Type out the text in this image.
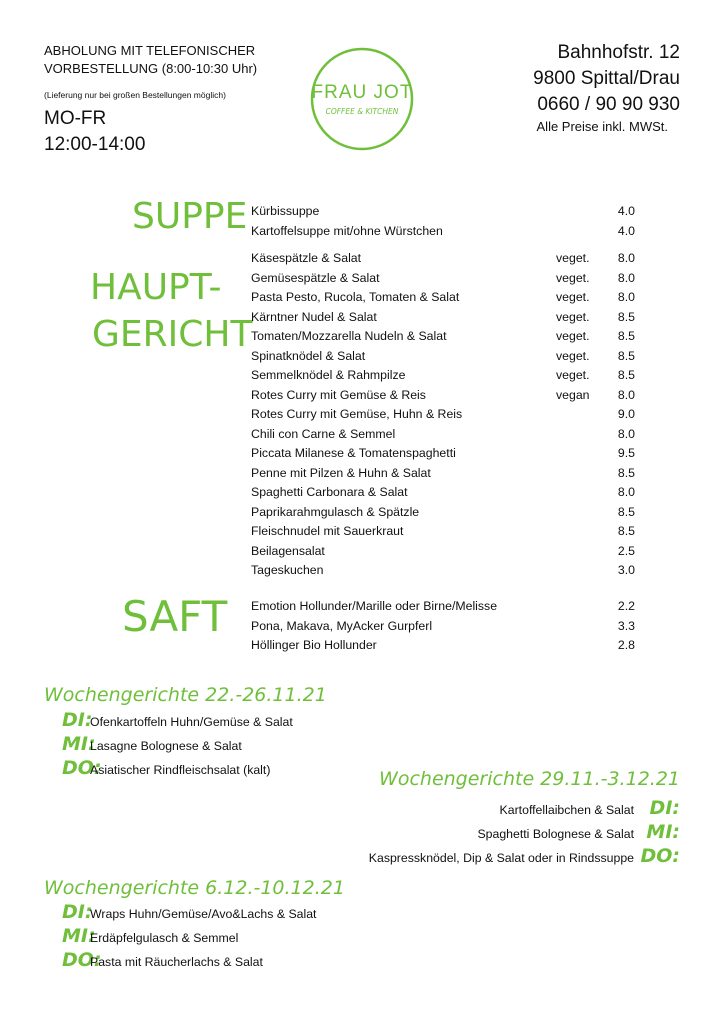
ABHOLUNG MIT TELEFONISCHER
VORBESTELLUNG (8:00-10:30 Uhr)
(Lieferung nur bei großen Bestellungen möglich)
MO-FR
12:00-14:00
FRAU JOT
COFFEE & KITCHEN
Bahnhofstr. 12
9800 Spittal/Drau
0660 / 90 90 930
Alle Preise inkl. MWSt.
SUPPE
HAUPT-
GERICHT
SAFT
Kürbissuppe	4.0
Kartoffelsuppe mit/ohne Würstchen	4.0
Käsespätzle & Salat	veget. 8.0
Gemüsespätzle & Salat	veget. 8.0
Pasta Pesto, Rucola, Tomaten & Salat	veget. 8.0
Kärntner Nudel & Salat	veget. 8.5
Tomaten/Mozzarella Nudeln & Salat	veget. 8.5
Spinatknödel & Salat	veget. 8.5
Semmelknödel & Rahmpilze	veget. 8.5
Rotes Curry mit Gemüse & Reis	vegan 8.0
Rotes Curry mit Gemüse, Huhn & Reis	9.0
Chili con Carne & Semmel	8.0
Piccata Milanese & Tomatenspaghetti	9.5
Penne mit Pilzen & Huhn & Salat	8.5
Spaghetti Carbonara & Salat	8.0
Paprikarahmgulasch & Spätzle	8.5
Fleischnudel mit Sauerkraut	8.5
Beilagensalat	2.5
Tageskuchen	3.0
Emotion Hollunder/Marille oder Birne/Melisse	2.2
Pona, Makava, MyAcker Gurpferl	3.3
Höllinger Bio Hollunder	2.8
Wochengerichte 22.-26.11.21
DI:
Ofenkartoffeln Huhn/Gemüse & Salat
MI:
Lasagne Bolognese & Salat
DO:
Asiatischer Rindfleischsalat (kalt)	Wochengerichte 29.11.-3.12.21
DI:
Kartoffellaibchen & Salat
MI:
Spaghetti Bolognese & Salat
DO:
Kaspressknödel, Dip & Salat oder in Rindssuppe
Wochengerichte 6.12.-10.12.21
DI:
Wraps Huhn/Gemüse/Avo&Lachs & Salat
MI:
Erdäpfelgulasch & Semmel
DO:
Pasta mit Räucherlachs & Salat
